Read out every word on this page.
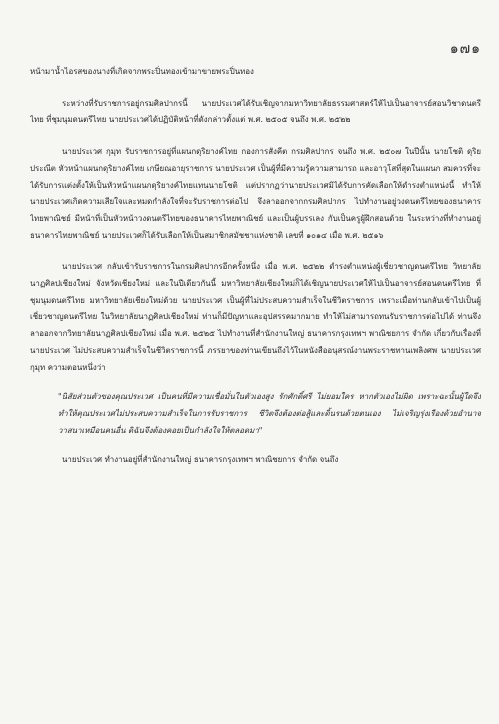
๑๗๑

หน้ามาน้ำไอรสของนางที่เกิดจากพระปิ่นทองเข้ามาขายพระปิ่นทอง

ระหว่างที่รับราชการอยู่กรมศิลปากรนี้ นายประเวศได้รับเชิญจากมหาวิทยาลัยธรรมศาสตร์ให้ไปเป็นอาจารย์สอนวิชาดนตรีไทย ที่ชุมนุมดนตรีไทย นายประเวศได้ปฏิบัติหน้าที่ดังกล่าวตั้งแต่ พ.ศ. ๒๕๐๕ จนถึง พ.ศ. ๒๕๒๒

นายประเวศ กุมุท รับราชการอยู่ที่แผนกดุริยางค์ไทย กองการสังคีต กรมศิลปากร จนถึง พ.ศ. ๒๕๐๗ ในปีนั้น นายโชติ ดุริยประณีต หัวหน้าแผนกดุริยางค์ไทย เกษียณอายุราชการ นายประเวศ เป็นผู้ที่มีความรู้ความสามารถ และอาวุโสที่สุดในแผนก สมควรที่จะได้รับการแต่งตั้งให้เป็นหัวหน้าแผนกดุริยางค์ไทยแทนนายโชติ แต่ปรากฏว่านายประเวศมิได้รับการคัดเลือกให้ดำรงตำแหน่งนี้ ทำให้นายประเวศเกิดความเสียใจและหมดกำลังใจที่จะรับราชการต่อไป จึงลาออกจากกรมศิลปากร ไปทำงานอยู่วงดนตรีไทยของธนาคารไทยพาณิชย์ มีหน้าที่เป็นหัวหน้าวงดนตรีไทยของธนาคารไทยพาณิชย์ และเป็นผู้บรรเลง กับเป็นครูผู้ฝึกสอนด้วย ในระหว่างที่ทำงานอยู่ธนาคารไทยพาณิชย์ นายประเวศก็ได้รับเลือกให้เป็นสมาชิกสมัชชาแห่งชาติ เลขที่ ๑๐๑๔ เมื่อ พ.ศ. ๒๕๑๖

นายประเวศ กลับเข้ารับราชการในกรมศิลปากรอีกครั้งหนึ่ง เมื่อ พ.ศ. ๒๕๒๒ ดำรงตำแหน่งผู้เชี่ยวชาญดนตรีไทย วิทยาลัยนาฏศิลปเชียงใหม่ จังหวัดเชียงใหม่ และในปีเดียวกันนี้ มหาวิทยาลัยเชียงใหม่ก็ได้เชิญนายประเวศให้ไปเป็นอาจารย์สอนดนตรีไทย ที่ชุมนุมดนตรีไทย มหาวิทยาลัยเชียงใหม่ด้วย นายประเวศ เป็นผู้ที่ไม่ประสบความสำเร็จในชีวิตราชการ เพราะเมื่อท่านกลับเข้าไปเป็นผู้เชี่ยวชาญดนตรีไทย ในวิทยาลัยนาฏศิลปเชียงใหม่ ท่านก็มีปัญหาและอุปสรรคมากมาย ทำให้ไม่สามารถทนรับราชการต่อไปได้ ท่านจึงลาออกจากวิทยาลัยนาฏศิลปเชียงใหม่ เมื่อ พ.ศ. ๒๕๒๕ ไปทำงานที่สำนักงานใหญ่ ธนาคารกรุงเทพฯ พาณิชยการ จำกัด เกี่ยวกับเรื่องที่นายประเวศ ไม่ประสบความสำเร็จในชีวิตราชการนี้ ภรรยาของท่านเขียนถึงไว้ในหนังสืออนุสรณ์งานพระราชทานเพลิงศพ นายประเวศ กุมุท ความตอนหนึ่งว่า

"นิสัยส่วนตัวของคุณประเวศ เป็นคนที่มีความเชื่อมั่นในตัวเองสูง รักศักดิ์ศรี ไม่ยอมใคร หากตัวเองไม่ผิด เพราะฉะนั้นผู้ใดจึงทำให้คุณประเวศไม่ประสบความสำเร็จในการรับราชการ ชีวิตจึงต้องต่อสู้และดิ้นรนด้วยตนเอง ไม่เจริญรุ่งเรืองด้วยอำนาจวาสนาเหมือนคนอื่น ดิฉันจึงต้องคอยเป็นกำลังใจให้ตลอดมา"

นายประเวศ ทำงานอยู่ที่สำนักงานใหญ่ ธนาคารกรุงเทพฯ พาณิชยการ จำกัด จนถึง
